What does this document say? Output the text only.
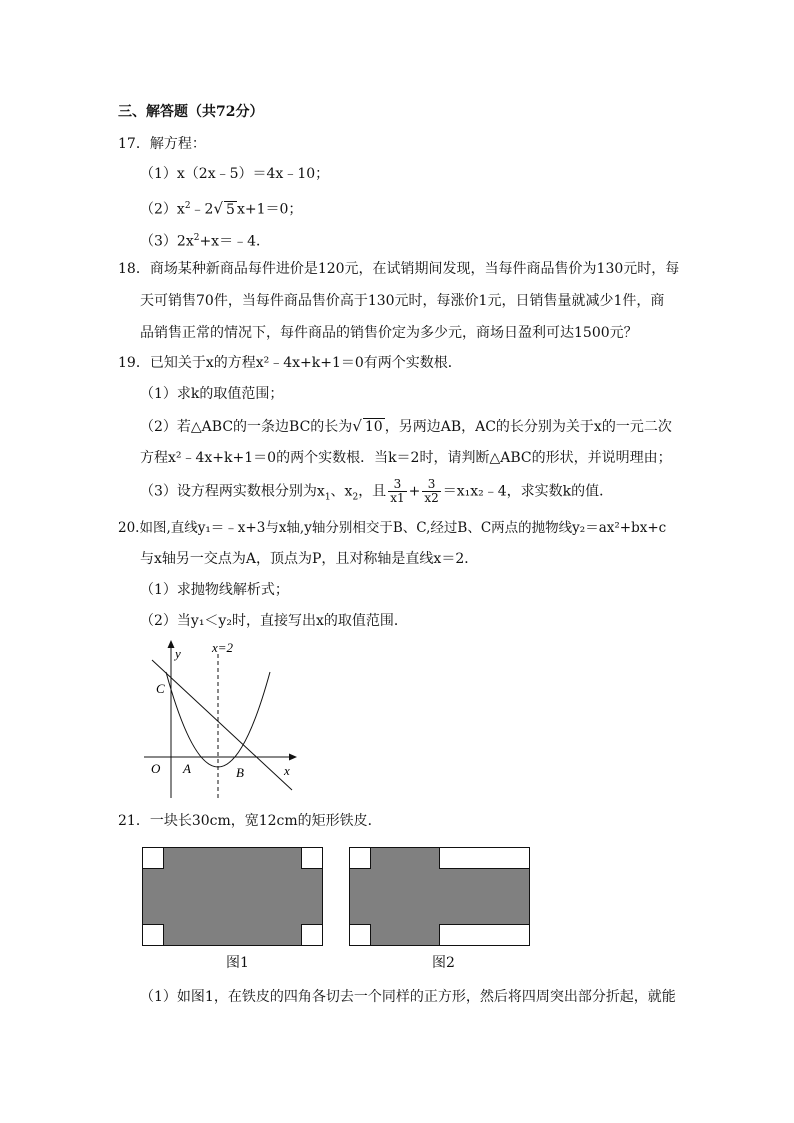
三、解答题（共72分）
17．解方程：
（1）x（2x﹣5）＝4x﹣10；
$(2)x^2﹣2√$ 5 x+1＝0；
$(3)2x^2+x=﹣4$．
18．商场某种新商品每件进价是120元，在试销期间发现，当每件商品售价为130元时，每
天可销售70件，当每件商品售价高于130元时，每涨价1元，日销售量就减少1件，商
品销售正常的情况下，每件商品的销售价定为多少元，商场日盈利可达1500元？
19．已知关于x的方程x²﹣4x+k+1＝0有两个实数根．
（1）求k的取值范围；
（2）若△ABC的一条边BC的长为√ 10 ，另两边AB，AC的长分别为关于x的一元二次
方程x²﹣4x+k+1＝0的两个实数根．当k＝2时，请判断△ABC的形状，并说明理由；
（3）设方程两实数根分别为$x_1$、$x_2$，且 $\frac{3}{x1} + \frac{3}{x2}$ ＝x₁x₂﹣4，求实数k的值．
20.如图,直线y₁＝﹣x+3与x轴,y轴分别相交于B、C,经过B、C两点的抛物线y₂＝ax²+bx+c
与x轴另一交点为A，顶点为P，且对称轴是直线x＝2．
（1）求抛物线解析式；
（2）当y₁＜y₂时，直接写出x的取值范围．
y
x
x=2
C
O A	B
21．一块长30cm，宽12cm的矩形铁皮．
图1	图2
（1）如图1，在铁皮的四角各切去一个同样的正方形，然后将四周突出部分折起，就能
